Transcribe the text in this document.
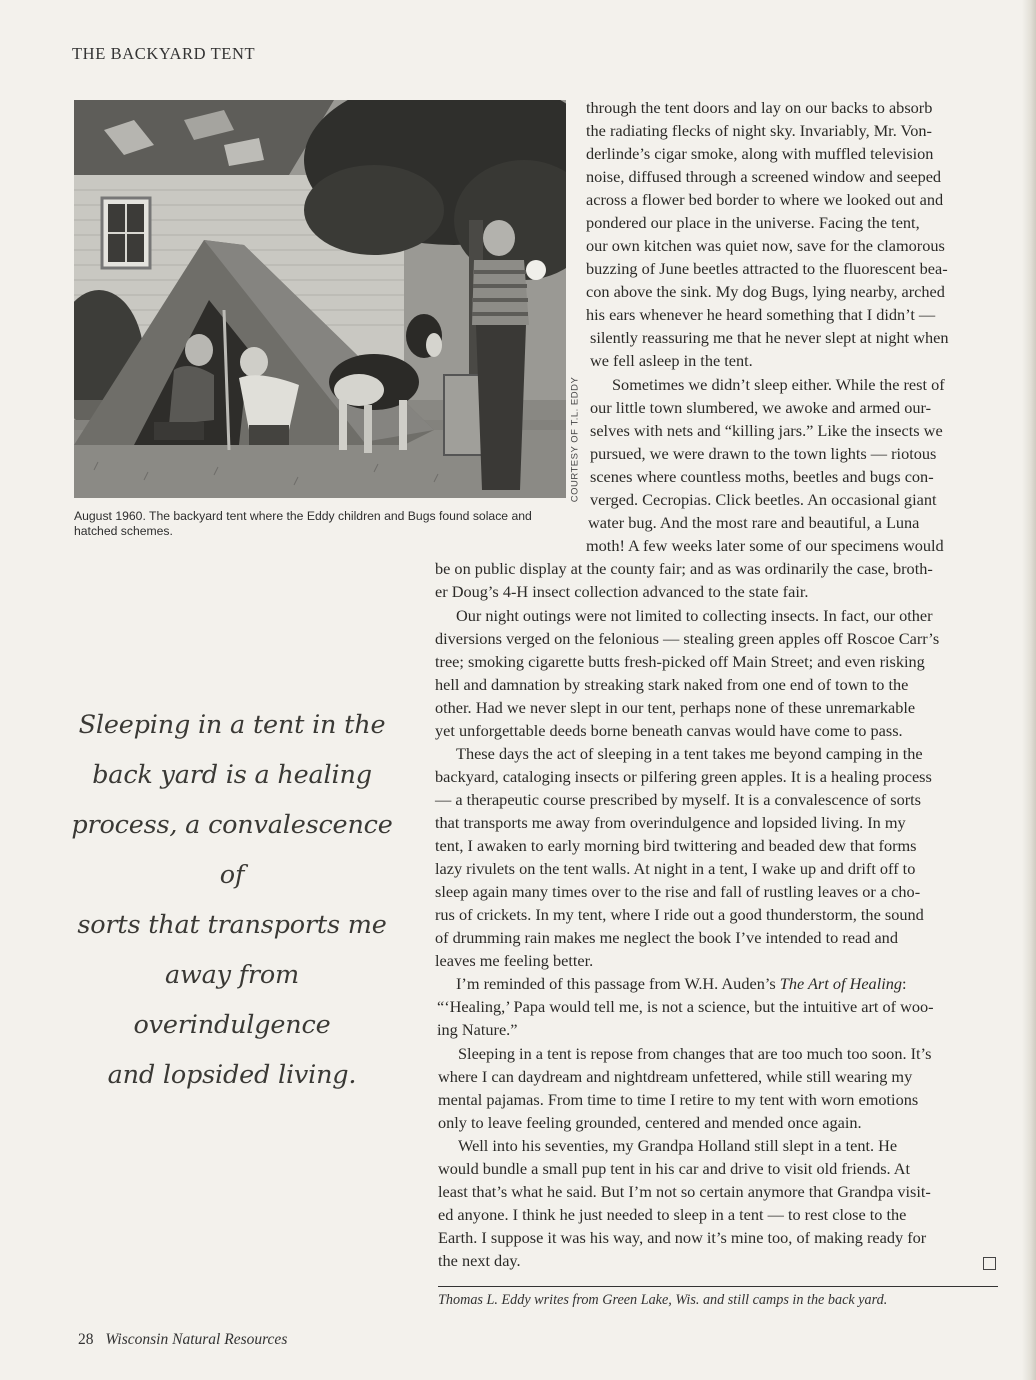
THE BACKYARD TENT
COURTESY OF T.L. EDDY
August 1960. The backyard tent where the Eddy children and Bugs found solace and hatched schemes.
Sleeping in a tent in the
back yard is a healing
process, a convalescence of
sorts that transports me
away from overindulgence
and lopsided living.
through the tent doors and lay on our backs to absorb
the radiating flecks of night sky. Invariably, Mr. Von-
derlinde’s cigar smoke, along with muffled television
noise, diffused through a screened window and seeped
across a flower bed border to where we looked out and
pondered our place in the universe. Facing the tent,
our own kitchen was quiet now, save for the clamorous
buzzing of June beetles attracted to the fluorescent bea-
con above the sink. My dog Bugs, lying nearby, arched
his ears whenever he heard something that I didn’t —
silently reassuring me that he never slept at night when
we fell asleep in the tent.
Sometimes we didn’t sleep either. While the rest of
our little town slumbered, we awoke and armed our-
selves with nets and “killing jars.” Like the insects we
pursued, we were drawn to the town lights — riotous
scenes where countless moths, beetles and bugs con-
verged. Cecropias. Click beetles. An occasional giant
water bug. And the most rare and beautiful, a Luna
moth! A few weeks later some of our specimens would
be on public display at the county fair; and as was ordinarily the case, broth-
er Doug’s 4-H insect collection advanced to the state fair.
Our night outings were not limited to collecting insects. In fact, our other
diversions verged on the felonious — stealing green apples off Roscoe Carr’s
tree; smoking cigarette butts fresh-picked off Main Street; and even risking
hell and damnation by streaking stark naked from one end of town to the
other. Had we never slept in our tent, perhaps none of these unremarkable
yet unforgettable deeds borne beneath canvas would have come to pass.
These days the act of sleeping in a tent takes me beyond camping in the
backyard, cataloging insects or pilfering green apples. It is a healing process
— a therapeutic course prescribed by myself. It is a convalescence of sorts
that transports me away from overindulgence and lopsided living. In my
tent, I awaken to early morning bird twittering and beaded dew that forms
lazy rivulets on the tent walls. At night in a tent, I wake up and drift off to
sleep again many times over to the rise and fall of rustling leaves or a cho-
rus of crickets. In my tent, where I ride out a good thunderstorm, the sound
of drumming rain makes me neglect the book I’ve intended to read and
leaves me feeling better.
I’m reminded of this passage from W.H. Auden’s The Art of Healing:
“‘Healing,’ Papa would tell me, is not a science, but the intuitive art of woo-
ing Nature.”
Sleeping in a tent is repose from changes that are too much too soon. It’s
where I can daydream and nightdream unfettered, while still wearing my
mental pajamas. From time to time I retire to my tent with worn emotions
only to leave feeling grounded, centered and mended once again.
Well into his seventies, my Grandpa Holland still slept in a tent. He
would bundle a small pup tent in his car and drive to visit old friends. At
least that’s what he said. But I’m not so certain anymore that Grandpa visit-
ed anyone. I think he just needed to sleep in a tent — to rest close to the
Earth. I suppose it was his way, and now it’s mine too, of making ready for
the next day.
Thomas L. Eddy writes from Green Lake, Wis. and still camps in the back yard.
28 Wisconsin Natural Resources
